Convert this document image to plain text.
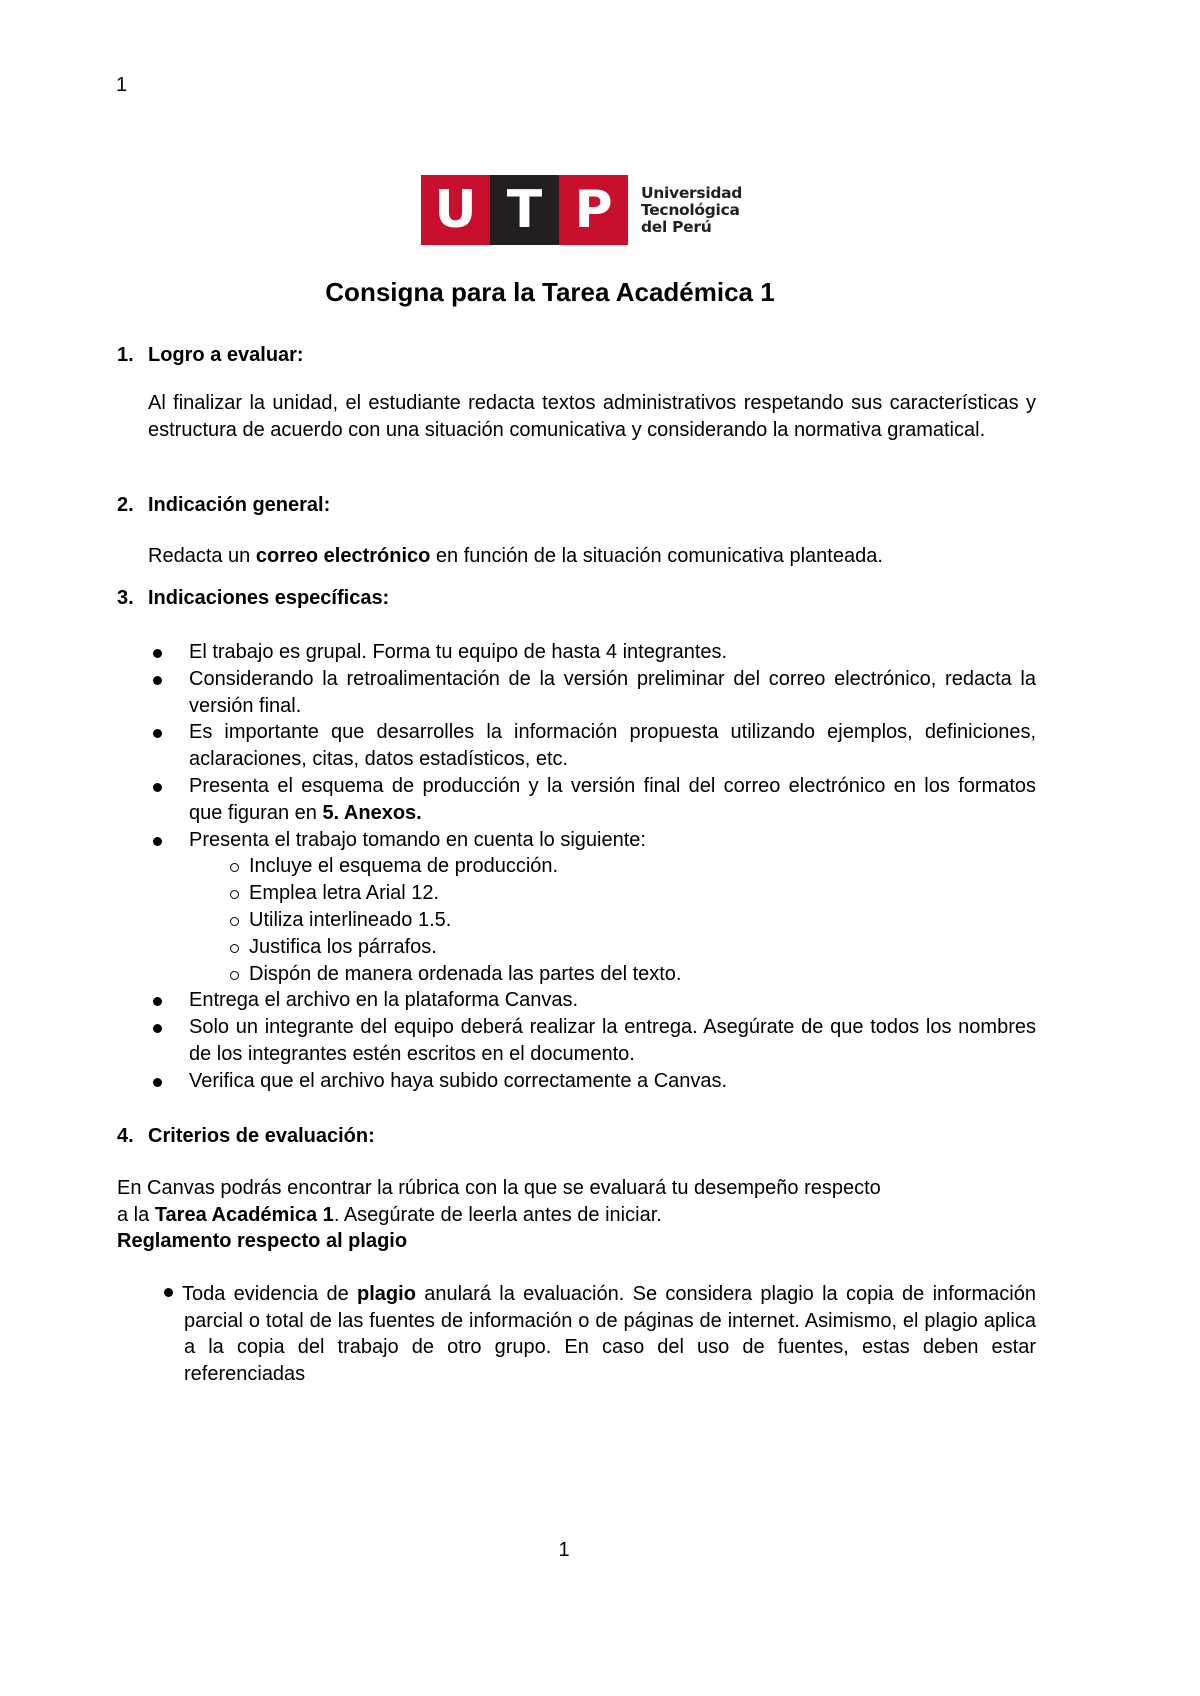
1
U T P	Universidad
Tecnológica
del Perú
Consigna para la Tarea Académica 1
1. Logro a evaluar:

Al finalizar la unidad, el estudiante redacta textos administrativos respetando sus características y estructura de acuerdo con una situación comunicativa y considerando la normativa gramatical.

2. Indicación general:

Redacta un correo electrónico en función de la situación comunicativa planteada.

3. Indicaciones específicas:
El trabajo es grupal. Forma tu equipo de hasta 4 integrantes.
Considerando la retroalimentación de la versión preliminar del correo electrónico, redacta la versión final.
Es importante que desarrolles la información propuesta utilizando ejemplos, definiciones, aclaraciones, citas, datos estadísticos, etc.
Presenta el esquema de producción y la versión final del correo electrónico en los formatos que figuran en 5. Anexos.
Presenta el trabajo tomando en cuenta lo siguiente:
Incluye el esquema de producción.
Emplea letra Arial 12.
Utiliza interlineado 1.5.
Justifica los párrafos.
Dispón de manera ordenada las partes del texto.
Entrega el archivo en la plataforma Canvas.
Solo un integrante del equipo deberá realizar la entrega. Asegúrate de que todos los nombres de los integrantes estén escritos en el documento.
Verifica que el archivo haya subido correctamente a Canvas.
4. Criterios de evaluación:

En Canvas podrás encontrar la rúbrica con la que se evaluará tu desempeño respecto

a la Tarea Académica 1. Asegúrate de leerla antes de iniciar.

Reglamento respecto al plagio
Toda evidencia de plagio anulará la evaluación. Se considera plagio la copia de información parcial o total de las fuentes de información o de páginas de internet. Asimismo, el plagio aplica a la copia del trabajo de otro grupo. En caso del uso de fuentes, estas deben estar referenciadas
1
